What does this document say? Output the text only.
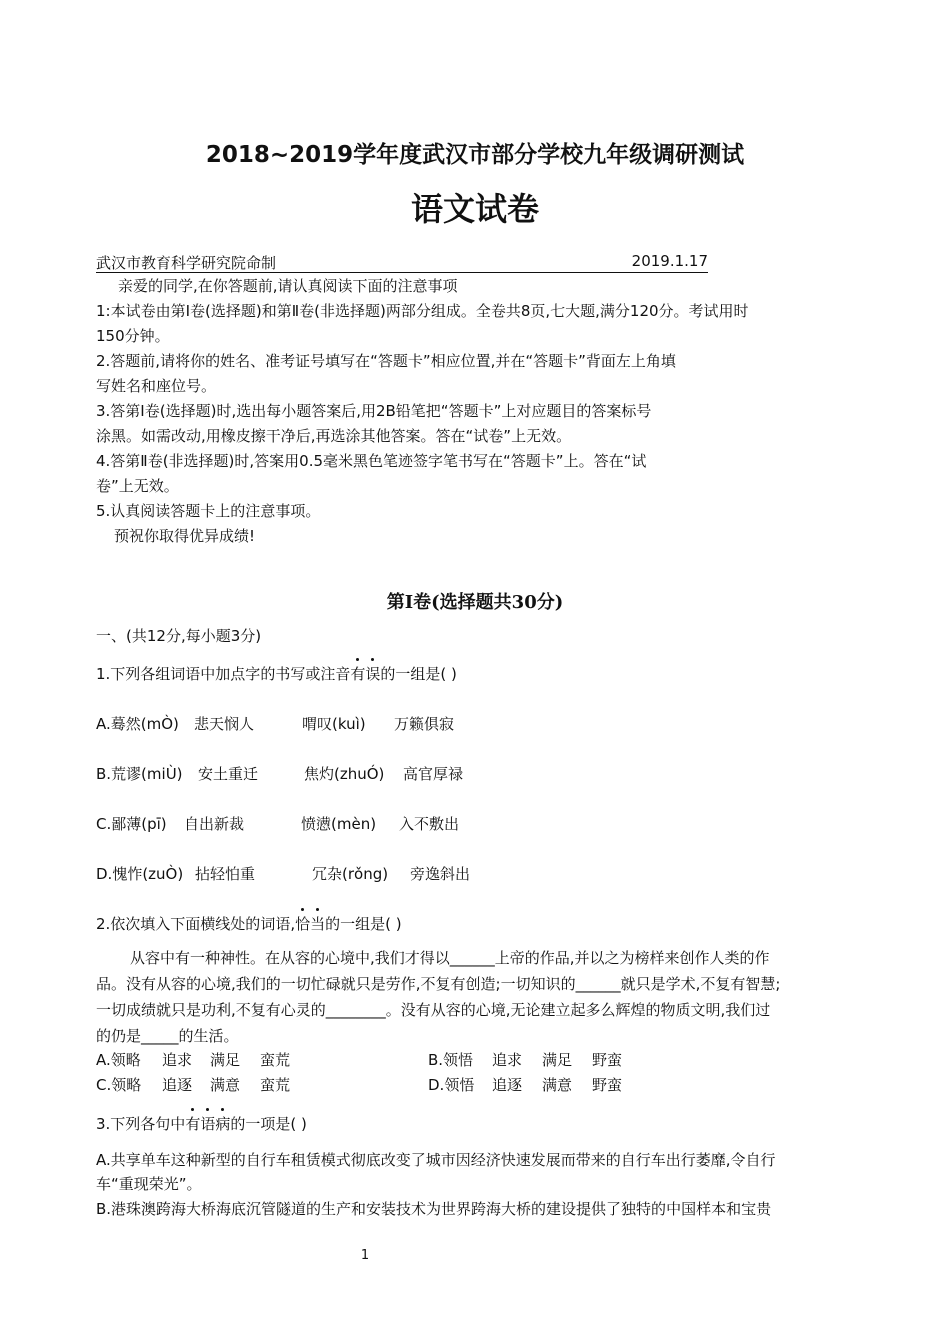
2018~2019学年度武汉市部分学校九年级调研测试
语文试卷
武汉市教育科学研究院命制	2019.1.17
亲爱的同学,在你答题前,请认真阅读下面的注意事项
1:本试卷由第Ⅰ卷(选择题)和第Ⅱ卷(非选择题)两部分组成。全卷共8页,七大题,满分120分。考试用时
150分钟。
2.答题前,请将你的姓名、准考证号填写在“答题卡”相应位置,并在“答题卡”背面左上角填
写姓名和座位号。
3.答第Ⅰ卷(选择题)时,选出每小题答案后,用2B铅笔把“答题卡”上对应题目的答案标号
涂黑。如需改动,用橡皮擦干净后,再选涂其他答案。答在“试卷”上无效。
4.答第Ⅱ卷(非选择题)时,答案用0.5毫米黑色笔迹签字笔书写在“答题卡”上。答在“试
卷”上无效。
5.认真阅读答题卡上的注意事项。
预祝你取得优异成绩!
第Ⅰ卷(选择题共30分)
一、(共12分,每小题3分)
1.下列各组词语中加点字的书写或注音有误的一组是( )
A.蓦然(mÒ) 悲天悯人	喟叹(kuì) 万籁俱寂
B.荒谬(miÙ) 安土重迁	焦灼(zhuÓ) 高官厚禄
C.鄙薄(pī) 自出新裁	愤懑(mèn) 入不敷出
D.愧怍(zuÒ) 拈轻怕重	冗杂(rǒng) 旁逸斜出
2.依次填入下面横线处的词语,恰当的一组是( )
从容中有一种神性。在从容的心境中,我们才得以______上帝的作品,并以之为榜样来创作人类的作
品。没有从容的心境,我们的一切忙碌就只是劳作,不复有创造;一切知识的______就只是学术,不复有智慧;
一切成绩就只是功利,不复有心灵的________。没有从容的心境,无论建立起多么辉煌的物质文明,我们过
的仍是_____的生活。
A.领略 追求 满足 蛮荒	B.领悟 追求 满足 野蛮
C.领略 追逐 满意 蛮荒	D.领悟 追逐 满意 野蛮
3.下列各句中有语病的一项是( )
A.共享单车这种新型的自行车租赁模式彻底改变了城市因经济快速发展而带来的自行车出行萎靡,令自行
车“重现荣光”。
B.港珠澳跨海大桥海底沉管隧道的生产和安装技术为世界跨海大桥的建设提供了独特的中国样本和宝贵
1
